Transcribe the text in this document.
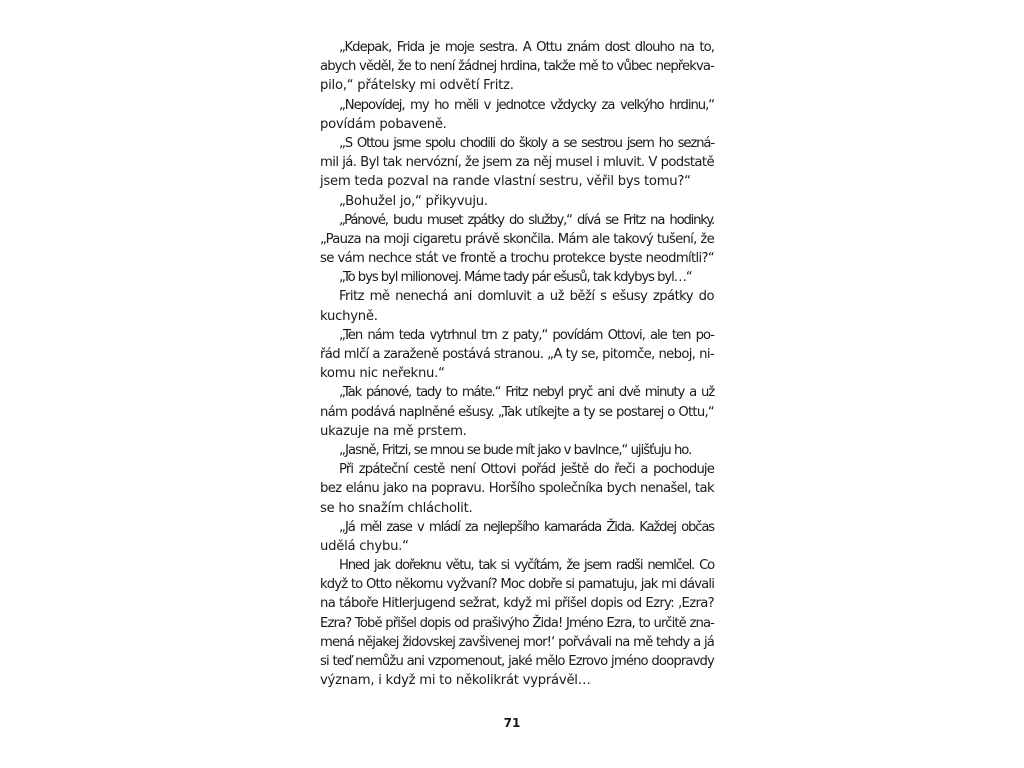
„Kdepak, Frida je moje sestra. A Ottu znám dost dlouho na to,
abych věděl, že to není žádnej hrdina, takže mě to vůbec nepřekva-
pilo,“ přátelsky mi odvětí Fritz.
„Nepovídej, my ho měli v jednotce vždycky za velkýho hrdinu,“
povídám pobaveně.
„S Ottou jsme spolu chodili do školy a se sestrou jsem ho sezná-
mil já. Byl tak nervózní, že jsem za něj musel i mluvit. V podstatě
jsem teda pozval na rande vlastní sestru, věřil bys tomu?“
„Bohužel jo,“ přikyvuju.
„Pánové, budu muset zpátky do služby,“ dívá se Fritz na hodinky.
„Pauza na moji cigaretu právě skončila. Mám ale takový tušení, že
se vám nechce stát ve frontě a trochu protekce byste neodmítli?“
„To bys byl milionovej. Máme tady pár ešusů, tak kdybys byl…“
Fritz mě nenechá ani domluvit a už běží s ešusy zpátky do
kuchyně.
„Ten nám teda vytrhnul trn z paty,“ povídám Ottovi, ale ten po-
řád mlčí a zaraženě postává stranou. „A ty se, pitomče, neboj, ni-
komu nic neřeknu.“
„Tak pánové, tady to máte.“ Fritz nebyl pryč ani dvě minuty a už
nám podává naplněné ešusy. „Tak utíkejte a ty se postarej o Ottu,“
ukazuje na mě prstem.
„Jasně, Fritzi, se mnou se bude mít jako v bavlnce,“ ujišťuju ho.
Při zpáteční cestě není Ottovi pořád ještě do řeči a pochoduje
bez elánu jako na popravu. Horšího společníka bych nenašel, tak
se ho snažím chlácholit.
„Já měl zase v mládí za nejlepšího kamaráda Žida. Každej občas
udělá chybu.“
Hned jak dořeknu větu, tak si vyčítám, že jsem radši nemlčel. Co
když to Otto někomu vyžvaní? Moc dobře si pamatuju, jak mi dávali
na táboře Hitlerjugend sežrat, když mi přišel dopis od Ezry: ‚Ezra?
Ezra? Tobě přišel dopis od prašivýho Žida! Jméno Ezra, to určitě zna-
mená nějakej židovskej zavšivenej mor!‘ pořvávali na mě tehdy a já
si teď nemůžu ani vzpomenout, jaké mělo Ezrovo jméno doopravdy
význam, i když mi to několikrát vyprávěl…
71
